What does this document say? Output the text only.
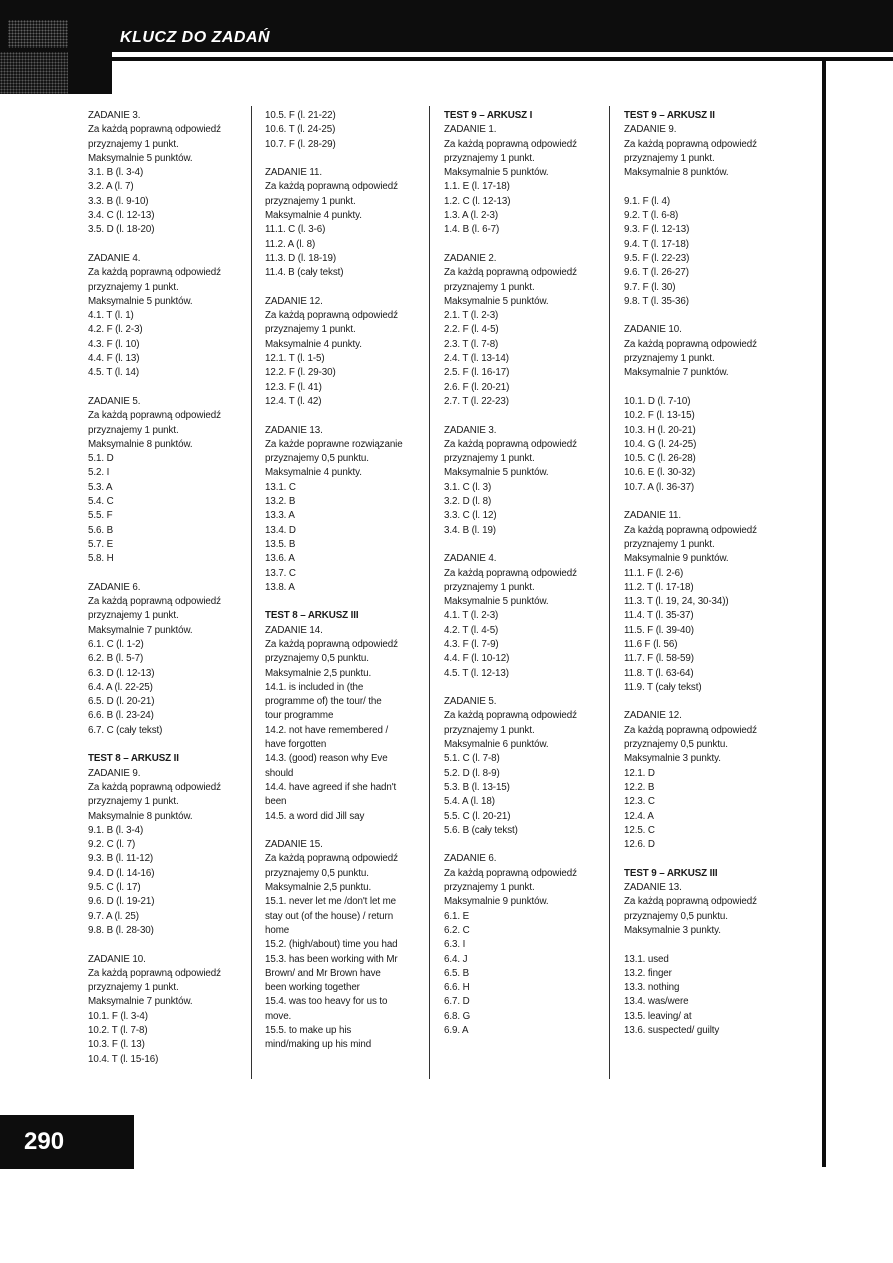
KLUCZ DO ZADAŃ
ZADANIE 3.
Za każdą poprawną odpowiedź
przyznajemy 1 punkt.
Maksymalnie 5 punktów.
3.1. B (l. 3-4)
3.2. A (l. 7)
3.3. B (l. 9-10)
3.4. C (l. 12-13)
3.5. D (l. 18-20)
ZADANIE 4.
Za każdą poprawną odpowiedź
przyznajemy 1 punkt.
Maksymalnie 5 punktów.
4.1. T (l. 1)
4.2. F (l. 2-3)
4.3. F (l. 10)
4.4. F (l. 13)
4.5. T (l. 14)
ZADANIE 5.
Za każdą poprawną odpowiedź
przyznajemy 1 punkt.
Maksymalnie 8 punktów.
5.1. D
5.2. I
5.3. A
5.4. C
5.5. F
5.6. B
5.7. E
5.8. H
ZADANIE 6.
Za każdą poprawną odpowiedź
przyznajemy 1 punkt.
Maksymalnie 7 punktów.
6.1. C (l. 1-2)
6.2. B (l. 5-7)
6.3. D (l. 12-13)
6.4. A (l. 22-25)
6.5. D (l. 20-21)
6.6. B (l. 23-24)
6.7. C (cały tekst)
TEST 8 – ARKUSZ II
ZADANIE 9.
Za każdą poprawną odpowiedź
przyznajemy 1 punkt.
Maksymalnie 8 punktów.
9.1. B (l. 3-4)
9.2. C (l. 7)
9.3. B (l. 11-12)
9.4. D (l. 14-16)
9.5. C (l. 17)
9.6. D (l. 19-21)
9.7. A (l. 25)
9.8. B (l. 28-30)
ZADANIE 10.
Za każdą poprawną odpowiedź
przyznajemy 1 punkt.
Maksymalnie 7 punktów.
10.1. F (l. 3-4)
10.2. T (l. 7-8)
10.3. F (l. 13)
10.4. T (l. 15-16)
10.5. F (l. 21-22)
10.6. T (l. 24-25)
10.7. F (l. 28-29)
ZADANIE 11.
Za każdą poprawną odpowiedź
przyznajemy 1 punkt.
Maksymalnie 4 punkty.
11.1. C (l. 3-6)
11.2. A (l. 8)
11.3. D (l. 18-19)
11.4. B (cały tekst)
ZADANIE 12.
Za każdą poprawną odpowiedź
przyznajemy 1 punkt.
Maksymalnie 4 punkty.
12.1. T (l. 1-5)
12.2. F (l. 29-30)
12.3. F (l. 41)
12.4. T (l. 42)
ZADANIE 13.
Za każde poprawne rozwiązanie
przyznajemy 0,5 punktu.
Maksymalnie 4 punkty.
13.1. C
13.2. B
13.3. A
13.4. D
13.5. B
13.6. A
13.7. C
13.8. A
TEST 8 – ARKUSZ III
ZADANIE 14.
Za każdą poprawną odpowiedź
przyznajemy 0,5 punktu.
Maksymalnie 2,5 punktu.
14.1. is included in (the
programme of) the tour/ the
tour programme
14.2. not have remembered /
have forgotten
14.3. (good) reason why Eve
should
14.4. have agreed if she hadn't
been
14.5. a word did Jill say
ZADANIE 15.
Za każdą poprawną odpowiedź
przyznajemy 0,5 punktu.
Maksymalnie 2,5 punktu.
15.1. never let me /don't let me
stay out (of the house) / return
home
15.2. (high/about) time you had
15.3. has been working with Mr
Brown/ and Mr Brown have
been working together
15.4. was too heavy for us to
move.
15.5. to make up his
mind/making up his mind
TEST 9 – ARKUSZ I
ZADANIE 1.
Za każdą poprawną odpowiedź
przyznajemy 1 punkt.
Maksymalnie 5 punktów.
1.1. E (l. 17-18)
1.2. C (l. 12-13)
1.3. A (l. 2-3)
1.4. B (l. 6-7)
ZADANIE 2.
Za każdą poprawną odpowiedź
przyznajemy 1 punkt.
Maksymalnie 5 punktów.
2.1. T (l. 2-3)
2.2. F (l. 4-5)
2.3. T (l. 7-8)
2.4. T (l. 13-14)
2.5. F (l. 16-17)
2.6. F (l. 20-21)
2.7. T (l. 22-23)
ZADANIE 3.
Za każdą poprawną odpowiedź
przyznajemy 1 punkt.
Maksymalnie 5 punktów.
3.1. C (l. 3)
3.2. D (l. 8)
3.3. C (l. 12)
3.4. B (l. 19)
ZADANIE 4.
Za każdą poprawną odpowiedź
przyznajemy 1 punkt.
Maksymalnie 5 punktów.
4.1. T (l. 2-3)
4.2. T (l. 4-5)
4.3. F (l. 7-9)
4.4. F (l. 10-12)
4.5. T (l. 12-13)
ZADANIE 5.
Za każdą poprawną odpowiedź
przyznajemy 1 punkt.
Maksymalnie 6 punktów.
5.1. C (l. 7-8)
5.2. D (l. 8-9)
5.3. B (l. 13-15)
5.4. A (l. 18)
5.5. C (l. 20-21)
5.6. B (cały tekst)
ZADANIE 6.
Za każdą poprawną odpowiedź
przyznajemy 1 punkt.
Maksymalnie 9 punktów.
6.1. E
6.2. C
6.3. I
6.4. J
6.5. B
6.6. H
6.7. D
6.8. G
6.9. A
TEST 9 – ARKUSZ II
ZADANIE 9.
Za każdą poprawną odpowiedź
przyznajemy 1 punkt.
Maksymalnie 8 punktów.
9.1. F (l. 4)
9.2. T (l. 6-8)
9.3. F (l. 12-13)
9.4. T (l. 17-18)
9.5. F (l. 22-23)
9.6. T (l. 26-27)
9.7. F (l. 30)
9.8. T (l. 35-36)
ZADANIE 10.
Za każdą poprawną odpowiedź
przyznajemy 1 punkt.
Maksymalnie 7 punktów.
10.1. D (l. 7-10)
10.2. F (l. 13-15)
10.3. H (l. 20-21)
10.4. G (l. 24-25)
10.5. C (l. 26-28)
10.6. E (l. 30-32)
10.7. A (l. 36-37)
ZADANIE 11.
Za każdą poprawną odpowiedź
przyznajemy 1 punkt.
Maksymalnie 9 punktów.
11.1. F (l. 2-6)
11.2. T (l. 17-18)
11.3. T (l. 19, 24, 30-34))
11.4. T (l. 35-37)
11.5. F (l. 39-40)
11.6 F (l. 56)
11.7. F (l. 58-59)
11.8. T (l. 63-64)
11.9. T (cały tekst)
ZADANIE 12.
Za każdą poprawną odpowiedź
przyznajemy 0,5 punktu.
Maksymalnie 3 punkty.
12.1. D
12.2. B
12.3. C
12.4. A
12.5. C
12.6. D
TEST 9 – ARKUSZ III
ZADANIE 13.
Za każdą poprawną odpowiedź
przyznajemy 0,5 punktu.
Maksymalnie 3 punkty.
13.1. used
13.2. finger
13.3. nothing
13.4. was/were
13.5. leaving/ at
13.6. suspected/ guilty
290
